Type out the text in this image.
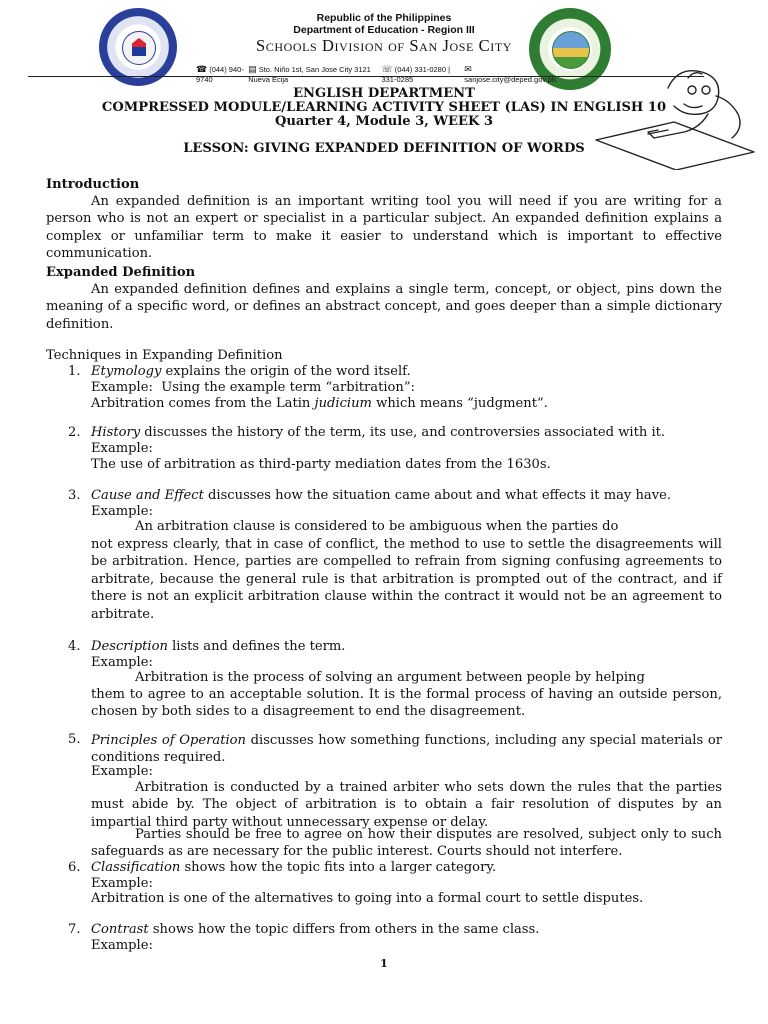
Republic of the Philippines
Department of Education - Region III
Schools Division of San Jose City
☎ (044) 940-9740
▤ Sto. Niño 1st, San Jose City 3121 Nueva Ecija
☏ (044) 331-0280 | 331-0285
✉sanjose.city@deped.gov.ph
ENGLISH DEPARTMENT
COMPRESSED MODULE/LEARNING ACTIVITY SHEET (LAS) IN ENGLISH 10
Quarter 4, Module 3, WEEK 3
LESSON: GIVING EXPANDED DEFINITION OF WORDS
Introduction
An expanded definition is an important writing tool you will need if you are writing for a person who is not an expert or specialist in a particular subject. An expanded definition explains a complex or unfamiliar term to make it easier to understand which is important to effective communication.
Expanded Definition
An expanded definition defines and explains a single term, concept, or object, pins down the meaning of a specific word, or defines an abstract concept, and goes deeper than a simple dictionary definition.
Techniques in Expanding Definition
1. Etymology explains the origin of the word itself.
Example: Using the example term “arbitration”:
Arbitration comes from the Latin judicium which means “judgment”.
2. History discusses the history of the term, its use, and controversies associated with it.
Example:
The use of arbitration as third-party mediation dates from the 1630s.
3. Cause and Effect discusses how the situation came about and what effects it may have.
Example:
An arbitration clause is considered to be ambiguous when the parties do
not express clearly, that in case of conflict, the method to use to settle the disagreements will be arbitration. Hence, parties are compelled to refrain from signing confusing agreements to arbitrate, because the general rule is that arbitration is prompted out of the contract, and if there is not an explicit arbitration clause within the contract it would not be an agreement to arbitrate.
4. Description lists and defines the term.
Example:
Arbitration is the process of solving an argument between people by helping
them to agree to an acceptable solution. It is the formal process of having an outside person, chosen by both sides to a disagreement to end the disagreement.
5. Principles of Operation discusses how something functions, including any special materials or conditions required.
Example:
Arbitration is conducted by a trained arbiter who sets down the rules that the parties must abide by. The object of arbitration is to obtain a fair resolution of disputes by an impartial third party without unnecessary expense or delay.
Parties should be free to agree on how their disputes are resolved, subject only to such safeguards as are necessary for the public interest. Courts should not interfere.
6. Classification shows how the topic fits into a larger category.
Example:
Arbitration is one of the alternatives to going into a formal court to settle disputes.
7. Contrast shows how the topic differs from others in the same class.
Example:
1
